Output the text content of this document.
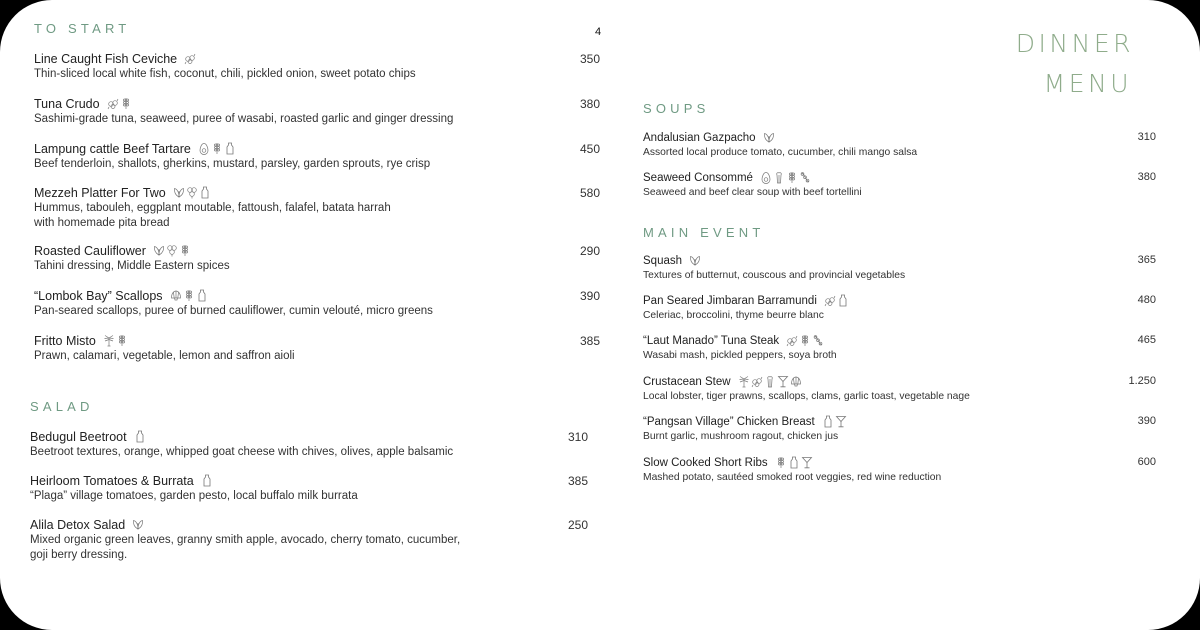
TO START	4	DINNER
MENU
Line Caught Fish Ceviche
Thin-sliced local white fish, coconut, chili, pickled onion, sweet potato chips
350
Tuna Crudo
Sashimi-grade tuna, seaweed, puree of wasabi, roasted garlic and ginger dressing
380
Lampung cattle Beef Tartare
Beef tenderloin, shallots, gherkins, mustard, parsley, garden sprouts, rye crisp
450
Mezzeh Platter For Two
Hummus, tabouleh, eggplant moutable, fattoush, falafel, batata harrah
with homemade pita bread
580
Roasted Cauliflower
Tahini dressing, Middle Eastern spices
290
“Lombok Bay” Scallops
Pan-seared scallops, puree of burned cauliflower, cumin velouté, micro greens
390
Fritto Misto
Prawn, calamari, vegetable, lemon and saffron aioli
385
SALAD
Bedugul Beetroot
Beetroot textures, orange, whipped goat cheese with chives, olives, apple balsamic
310
Heirloom Tomatoes & Burrata
“Plaga” village tomatoes, garden pesto, local buffalo milk burrata
385
Alila Detox Salad
Mixed organic green leaves, granny smith apple, avocado, cherry tomato, cucumber,
goji berry dressing.
250
SOUPS
Andalusian Gazpacho
Assorted local produce tomato, cucumber, chili mango salsa
310
Seaweed Consommé
Seaweed and beef clear soup with beef tortellini
380
MAIN EVENT
Squash
Textures of butternut, couscous and provincial vegetables
365
Pan Seared Jimbaran Barramundi
Celeriac, broccolini, thyme beurre blanc
480
“Laut Manado” Tuna Steak
Wasabi mash, pickled peppers, soya broth
465
Crustacean Stew
Local lobster, tiger prawns, scallops, clams, garlic toast, vegetable nage
1.250
“Pangsan Village” Chicken Breast
Burnt garlic, mushroom ragout, chicken jus
390
Slow Cooked Short Ribs
Mashed potato, sautéed smoked root veggies, red wine reduction
600
